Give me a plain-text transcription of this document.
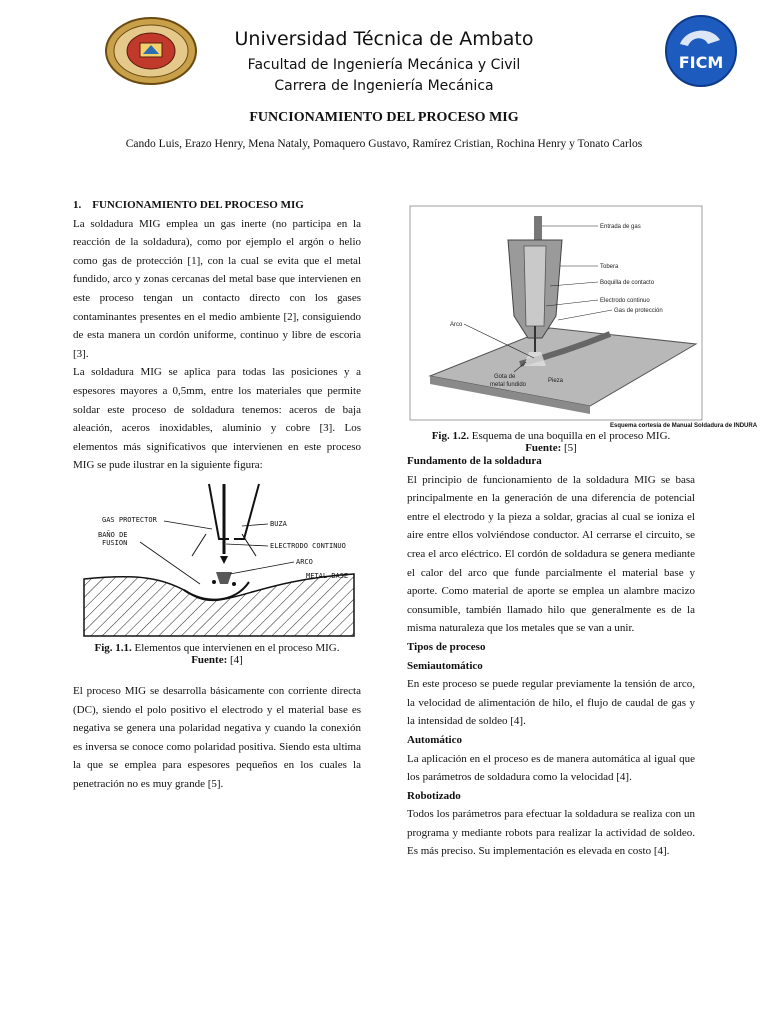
Universidad Técnica de Ambato
Facultad de Ingeniería Mecánica y Civil
Carrera de Ingeniería Mecánica
FICM
FUNCIONAMIENTO DEL PROCESO MIG
Cando Luis, Erazo Henry, Mena Nataly, Pomaquero Gustavo, Ramírez Cristian, Rochina Henry y Tonato Carlos

1.    FUNCIONAMIENTO DEL PROCESO MIG

La soldadura MIG emplea un gas inerte (no participa en la reacción de la soldadura), como por ejemplo el argón o helio como gas de protección [1], con la cual se evita que el metal fundido, arco y zonas cercanas del metal base que intervienen en este proceso tengan un contacto directo con los gases contaminantes presentes en el medio ambiente [2], consiguiendo de esta manera un cordón uniforme, continuo y libre de escoria [3].

La soldadura MIG se aplica para todas las posiciones y a espesores mayores a 0,5mm, entre los materiales que permite soldar este proceso de soldadura tenemos: aceros de baja aleación, aceros inoxidables, aluminio y cobre [3]. Los elementos más significativos que intervienen en este proceso MIG se pude ilustrar en la siguiente figura:

GAS PROTECTOR
BAÑO DE
FUSION
BUZA
ELECTRODO CONTINUO
ARCO
METAL BASE
Fig. 1.1. Elementos que intervienen en el proceso MIG.
Fuente: [4]
El proceso MIG se desarrolla básicamente con corriente directa (DC), siendo el polo positivo el electrodo y el material base es negativa se genera una polaridad negativa y cuando la conexión es inversa se conoce como polaridad positiva. Siendo esta ultima la que se emplea para espesores pequeños en los cuales la penetración no es muy grande [5].
Entrada de gas
Tobera
Boquilla de contacto
Electrodo continuo
Gas de protección
Arco
Gota de
metal fundido
Pieza
Esquema cortesía de Manual Soldadura de INDURA
Fig. 1.2. Esquema de una boquilla en el proceso MIG.
Fuente: [5]

Fundamento de la soldadura

El principio de funcionamiento de la soldadura MIG se basa principalmente en la generación de una diferencia de potencial entre el electrodo y la pieza a soldar, gracias al cual se ioniza el aire entre ellos volviéndose conductor. Al cerrarse el circuito, se crea el arco eléctrico. El cordón de soldadura se genera mediante el calor del arco que funde parcialmente el material base y aporte. Como material de aporte se emplea un alambre macizo consumible, también llamado hilo que generalmente es de la misma naturaleza que los metales que se van a unir.

Tipos de proceso

Semiautomático

En este proceso se puede regular previamente la tensión de arco, la velocidad de alimentación de hilo, el flujo de caudal de gas y la intensidad de soldeo [4].

Automático

La aplicación en el proceso es de manera automática al igual que los parámetros de soldadura como la velocidad [4].

Robotizado

Todos los parámetros para efectuar la soldadura se realiza con un programa y mediante robots para realizar la actividad de soldeo. Es más preciso. Su implementación es elevada en costo [4].
